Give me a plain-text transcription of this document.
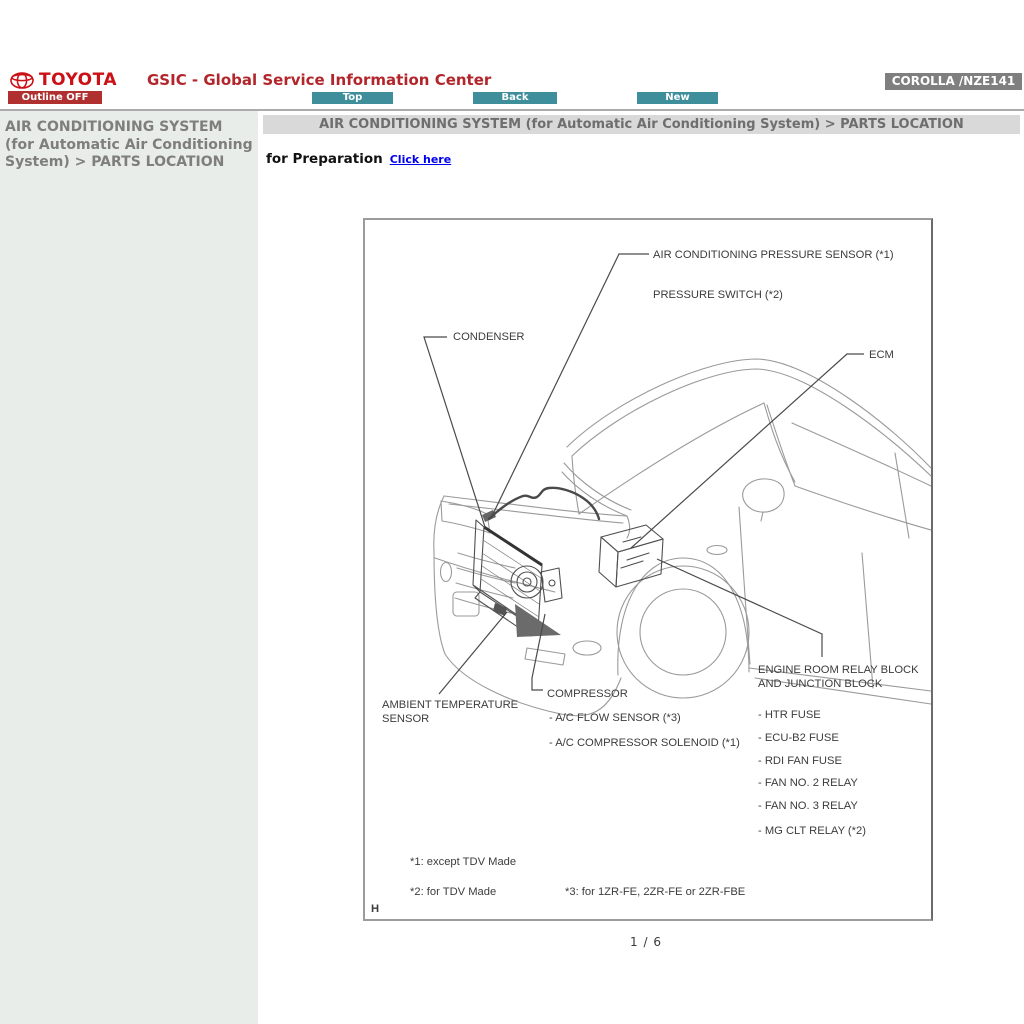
TOYOTA GSIC - Global Service Information Center	COROLLA /NZE141
Outline OFF	Top	Back	New
AIR CONDITIONING SYSTEM (for Automatic Air Conditioning System) > PARTS LOCATION
AIR CONDITIONING SYSTEM (for Automatic Air Conditioning System) > PARTS LOCATION
for Preparation Click here
AIR CONDITIONING PRESSURE SENSOR (*1)
PRESSURE SWITCH (*2)
CONDENSER
ECM
ENGINE ROOM RELAY BLOCK
AND JUNCTION BLOCK
- HTR FUSE
- ECU-B2 FUSE
- RDI FAN FUSE
- FAN NO. 2 RELAY
- FAN NO. 3 RELAY
- MG CLT RELAY (*2)
AMBIENT TEMPERATURE
SENSOR
COMPRESSOR
- A/C FLOW SENSOR (*3)
- A/C COMPRESSOR SOLENOID (*1)
*1: except TDV Made
*2: for TDV Made	*3: for 1ZR-FE, 2ZR-FE or 2ZR-FBE
H
1 / 6
